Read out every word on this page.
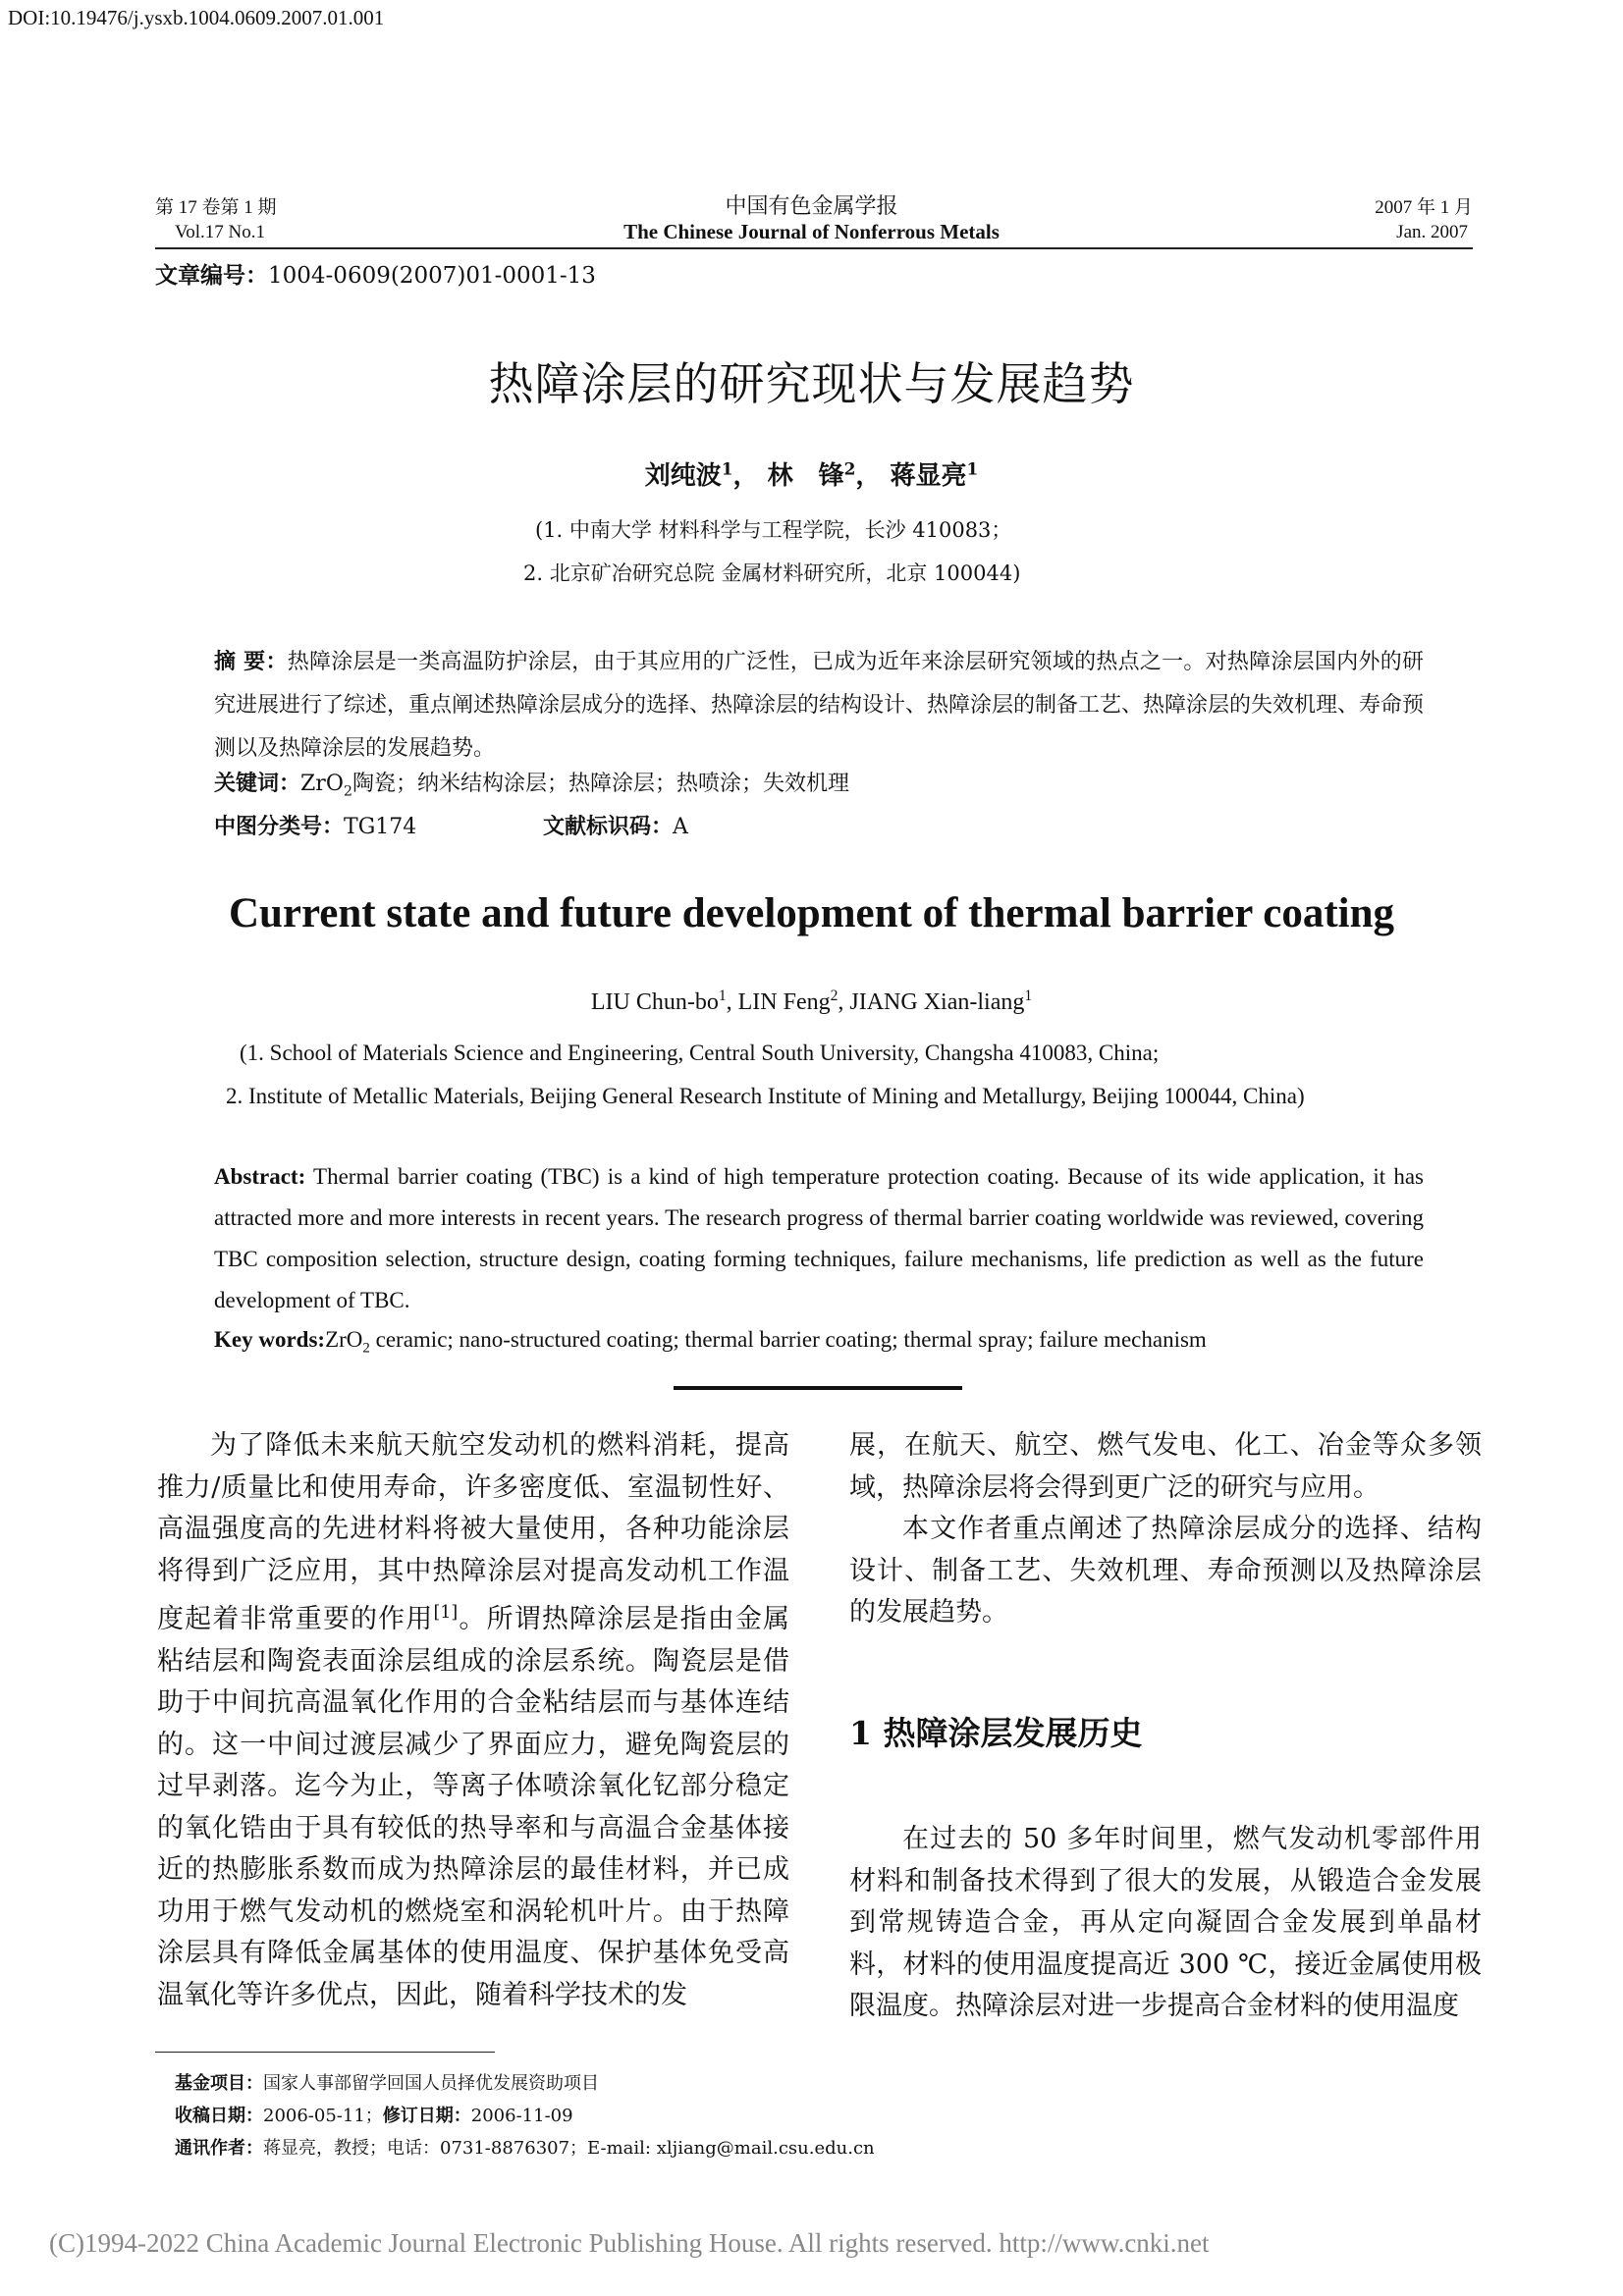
DOI:10.19476/j.ysxb.1004.0609.2007.01.001
第 17 卷第 1 期
Vol.17 No.1
中国有色金属学报
The Chinese Journal of Nonferrous Metals
2007 年 1 月
Jan. 2007
文章编号：1004-0609(2007)01-0001-13
热障涂层的研究现状与发展趋势
刘纯波$^1$， 林　锋$^2$， 蒋显亮$^1$
(1. 中南大学 材料科学与工程学院，长沙 410083；
2. 北京矿冶研究总院 金属材料研究所，北京 100044)
摘 要：热障涂层是一类高温防护涂层，由于其应用的广泛性，已成为近年来涂层研究领域的热点之一。对热障涂层国内外的研究进展进行了综述，重点阐述热障涂层成分的选择、热障涂层的结构设计、热障涂层的制备工艺、热障涂层的失效机理、寿命预测以及热障涂层的发展趋势。
关键词：ZrO$_2$陶瓷；纳米结构涂层；热障涂层；热喷涂；失效机理
中图分类号：TG174	文献标识码：A
Current state and future development of thermal barrier coating
LIU Chun-$bo^1$, LIN Feng$^2$, JIANG Xian-liang$^1$
(1. School of Materials Science and Engineering, Central South University, Changsha 410083, China;
2. Institute of Metallic Materials, Beijing General Research Institute of Mining and Metallurgy, Beijing 100044, China)
Abstract: Thermal barrier coating (TBC) is a kind of high temperature protection coating. Because of its wide application, it has attracted more and more interests in recent years. The research progress of thermal barrier coating worldwide was reviewed, covering TBC composition selection, structure design, coating forming techniques, failure mechanisms, life prediction as well as the future development of TBC.
Key words:ZrO$_2$ ceramic; nano-structured coating; thermal barrier coating; thermal spray; failure mechanism

为了降低未来航天航空发动机的燃料消耗，提高推力/质量比和使用寿命，许多密度低、室温韧性好、高温强度高的先进材料将被大量使用，各种功能涂层将得到广泛应用，其中热障涂层对提高发动机工作温度起着非常重要的作用[1]。所谓热障涂层是指由金属粘结层和陶瓷表面涂层组成的涂层系统。陶瓷层是借助于中间抗高温氧化作用的合金粘结层而与基体连结的。这一中间过渡层减少了界面应力，避免陶瓷层的过早剥落。迄今为止，等离子体喷涂氧化钇部分稳定的氧化锆由于具有较低的热导率和与高温合金基体接近的热膨胀系数而成为热障涂层的最佳材料，并已成功用于燃气发动机的燃烧室和涡轮机叶片。由于热障涂层具有降低金属基体的使用温度、保护基体免受高温氧化等许多优点，因此，随着科学技术的发

展，在航天、航空、燃气发电、化工、冶金等众多领域，热障涂层将会得到更广泛的研究与应用。

本文作者重点阐述了热障涂层成分的选择、结构设计、制备工艺、失效机理、寿命预测以及热障涂层的发展趋势。

1 热障涂层发展历史

在过去的 50 多年时间里，燃气发动机零部件用材料和制备技术得到了很大的发展，从锻造合金发展到常规铸造合金，再从定向凝固合金发展到单晶材料，材料的使用温度提高近 300 ℃，接近金属使用极限温度。热障涂层对进一步提高合金材料的使用温度

基金项目：国家人事部留学回国人员择优发展资助项目
收稿日期：2006-05-11；修订日期：2006-11-09
通讯作者：蒋显亮，教授；电话：0731-8876307；E-mail: xljiang@mail.csu.edu.cn
(C)1994-2022 China Academic Journal Electronic Publishing House. All rights reserved. http://www.cnki.net
